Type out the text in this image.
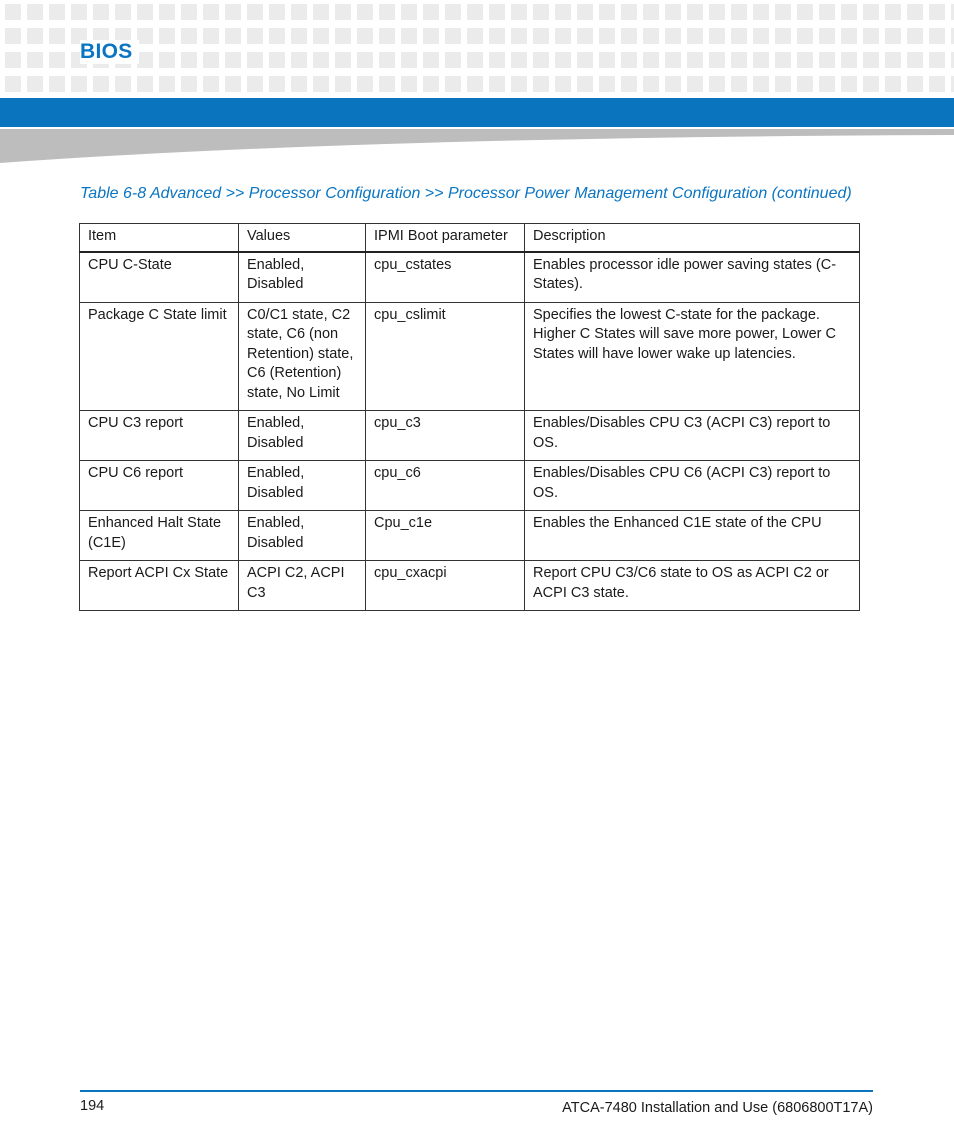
BIOS
Table 6-8 Advanced >> Processor Configuration >> Processor Power Management Configuration (continued)
Item	Values	IPMI Boot parameter	Description
CPU C-State	Enabled, Disabled	cpu_cstates	Enables processor idle power saving states (C-States).
Package C State limit	C0/C1 state, C2 state, C6 (non Retention) state, C6 (Retention) state, No Limit	cpu_cslimit	Specifies the lowest C-state for the package. Higher C States will save more power, Lower C States will have lower wake up latencies.
CPU C3 report	Enabled, Disabled	cpu_c3	Enables/Disables CPU C3 (ACPI C3) report to OS.
CPU C6 report	Enabled, Disabled	cpu_c6	Enables/Disables CPU C6 (ACPI C3) report to OS.
Enhanced Halt State (C1E)	Enabled, Disabled	Cpu_c1e	Enables the Enhanced C1E state of the CPU
Report ACPI Cx State	ACPI C2, ACPI C3	cpu_cxacpi	Report CPU C3/C6 state to OS as ACPI C2 or ACPI C3 state.
194	ATCA-7480 Installation and Use (6806800T17A)
